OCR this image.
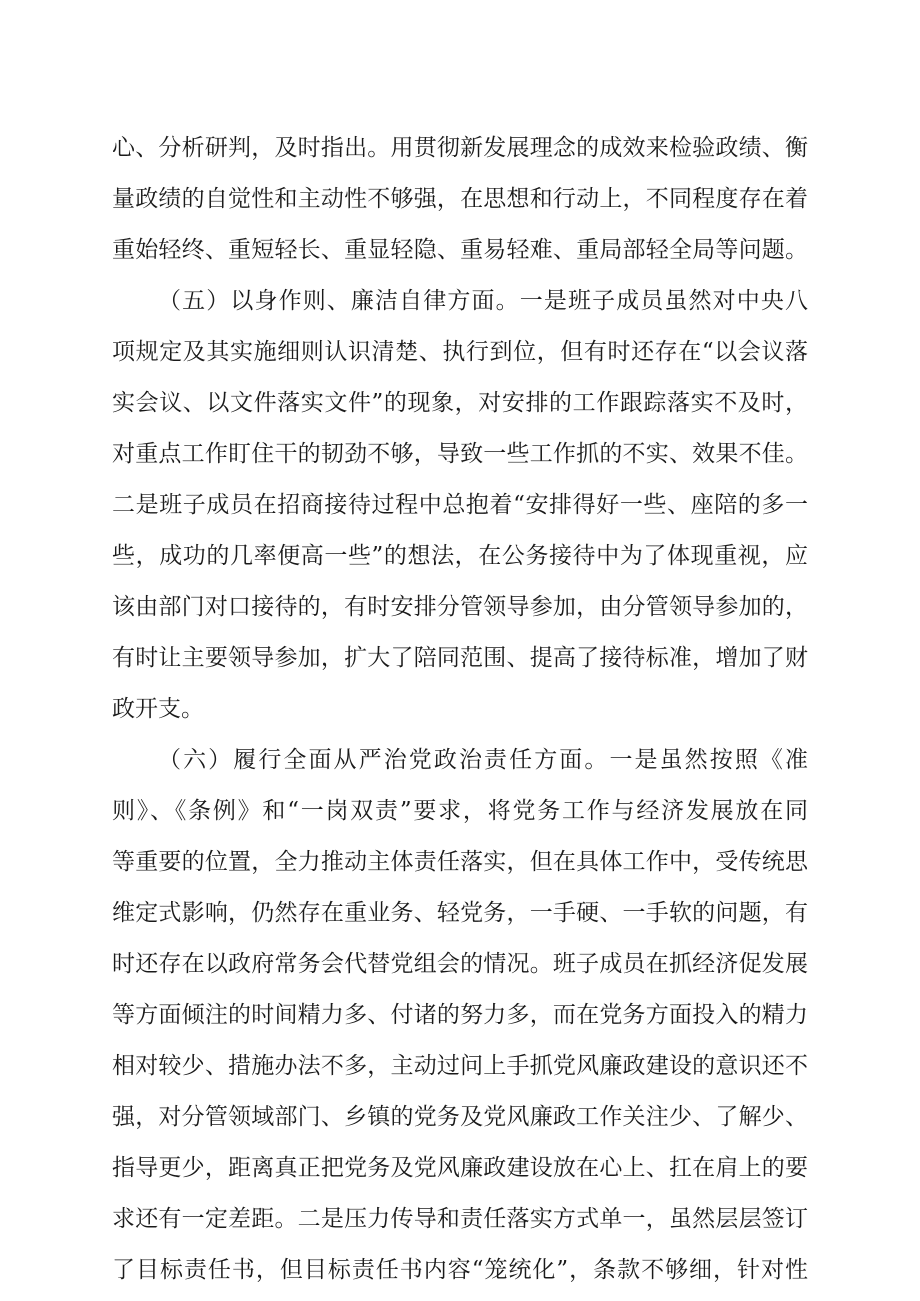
心、分析研判，及时指出。用贯彻新发展理念的成效来检验政绩、衡
量政绩的自觉性和主动性不够强，在思想和行动上，不同程度存在着
重始轻终、重短轻长、重显轻隐、重易轻难、重局部轻全局等问题。
（五）以身作则、廉洁自律方面。一是班子成员虽然对中央八
项规定及其实施细则认识清楚、执行到位，但有时还存在“以会议落
实会议、以文件落实文件”的现象，对安排的工作跟踪落实不及时，
对重点工作盯住干的韧劲不够，导致一些工作抓的不实、效果不佳。
二是班子成员在招商接待过程中总抱着“安排得好一些、座陪的多一
些，成功的几率便高一些”的想法，在公务接待中为了体现重视，应
该由部门对口接待的，有时安排分管领导参加，由分管领导参加的，
有时让主要领导参加，扩大了陪同范围、提高了接待标准，增加了财
政开支。
（六）履行全面从严治党政治责任方面。一是虽然按照《准
则》、《条例》和“一岗双责”要求，将党务工作与经济发展放在同
等重要的位置，全力推动主体责任落实，但在具体工作中，受传统思
维定式影响，仍然存在重业务、轻党务，一手硬、一手软的问题，有
时还存在以政府常务会代替党组会的情况。班子成员在抓经济促发展
等方面倾注的时间精力多、付诸的努力多，而在党务方面投入的精力
相对较少、措施办法不多，主动过问上手抓党风廉政建设的意识还不
强，对分管领域部门、乡镇的党务及党风廉政工作关注少、了解少、
指导更少，距离真正把党务及党风廉政建设放在心上、扛在肩上的要
求还有一定差距。二是压力传导和责任落实方式单一，虽然层层签订
了目标责任书，但目标责任书内容“笼统化”，条款不够细，针对性
